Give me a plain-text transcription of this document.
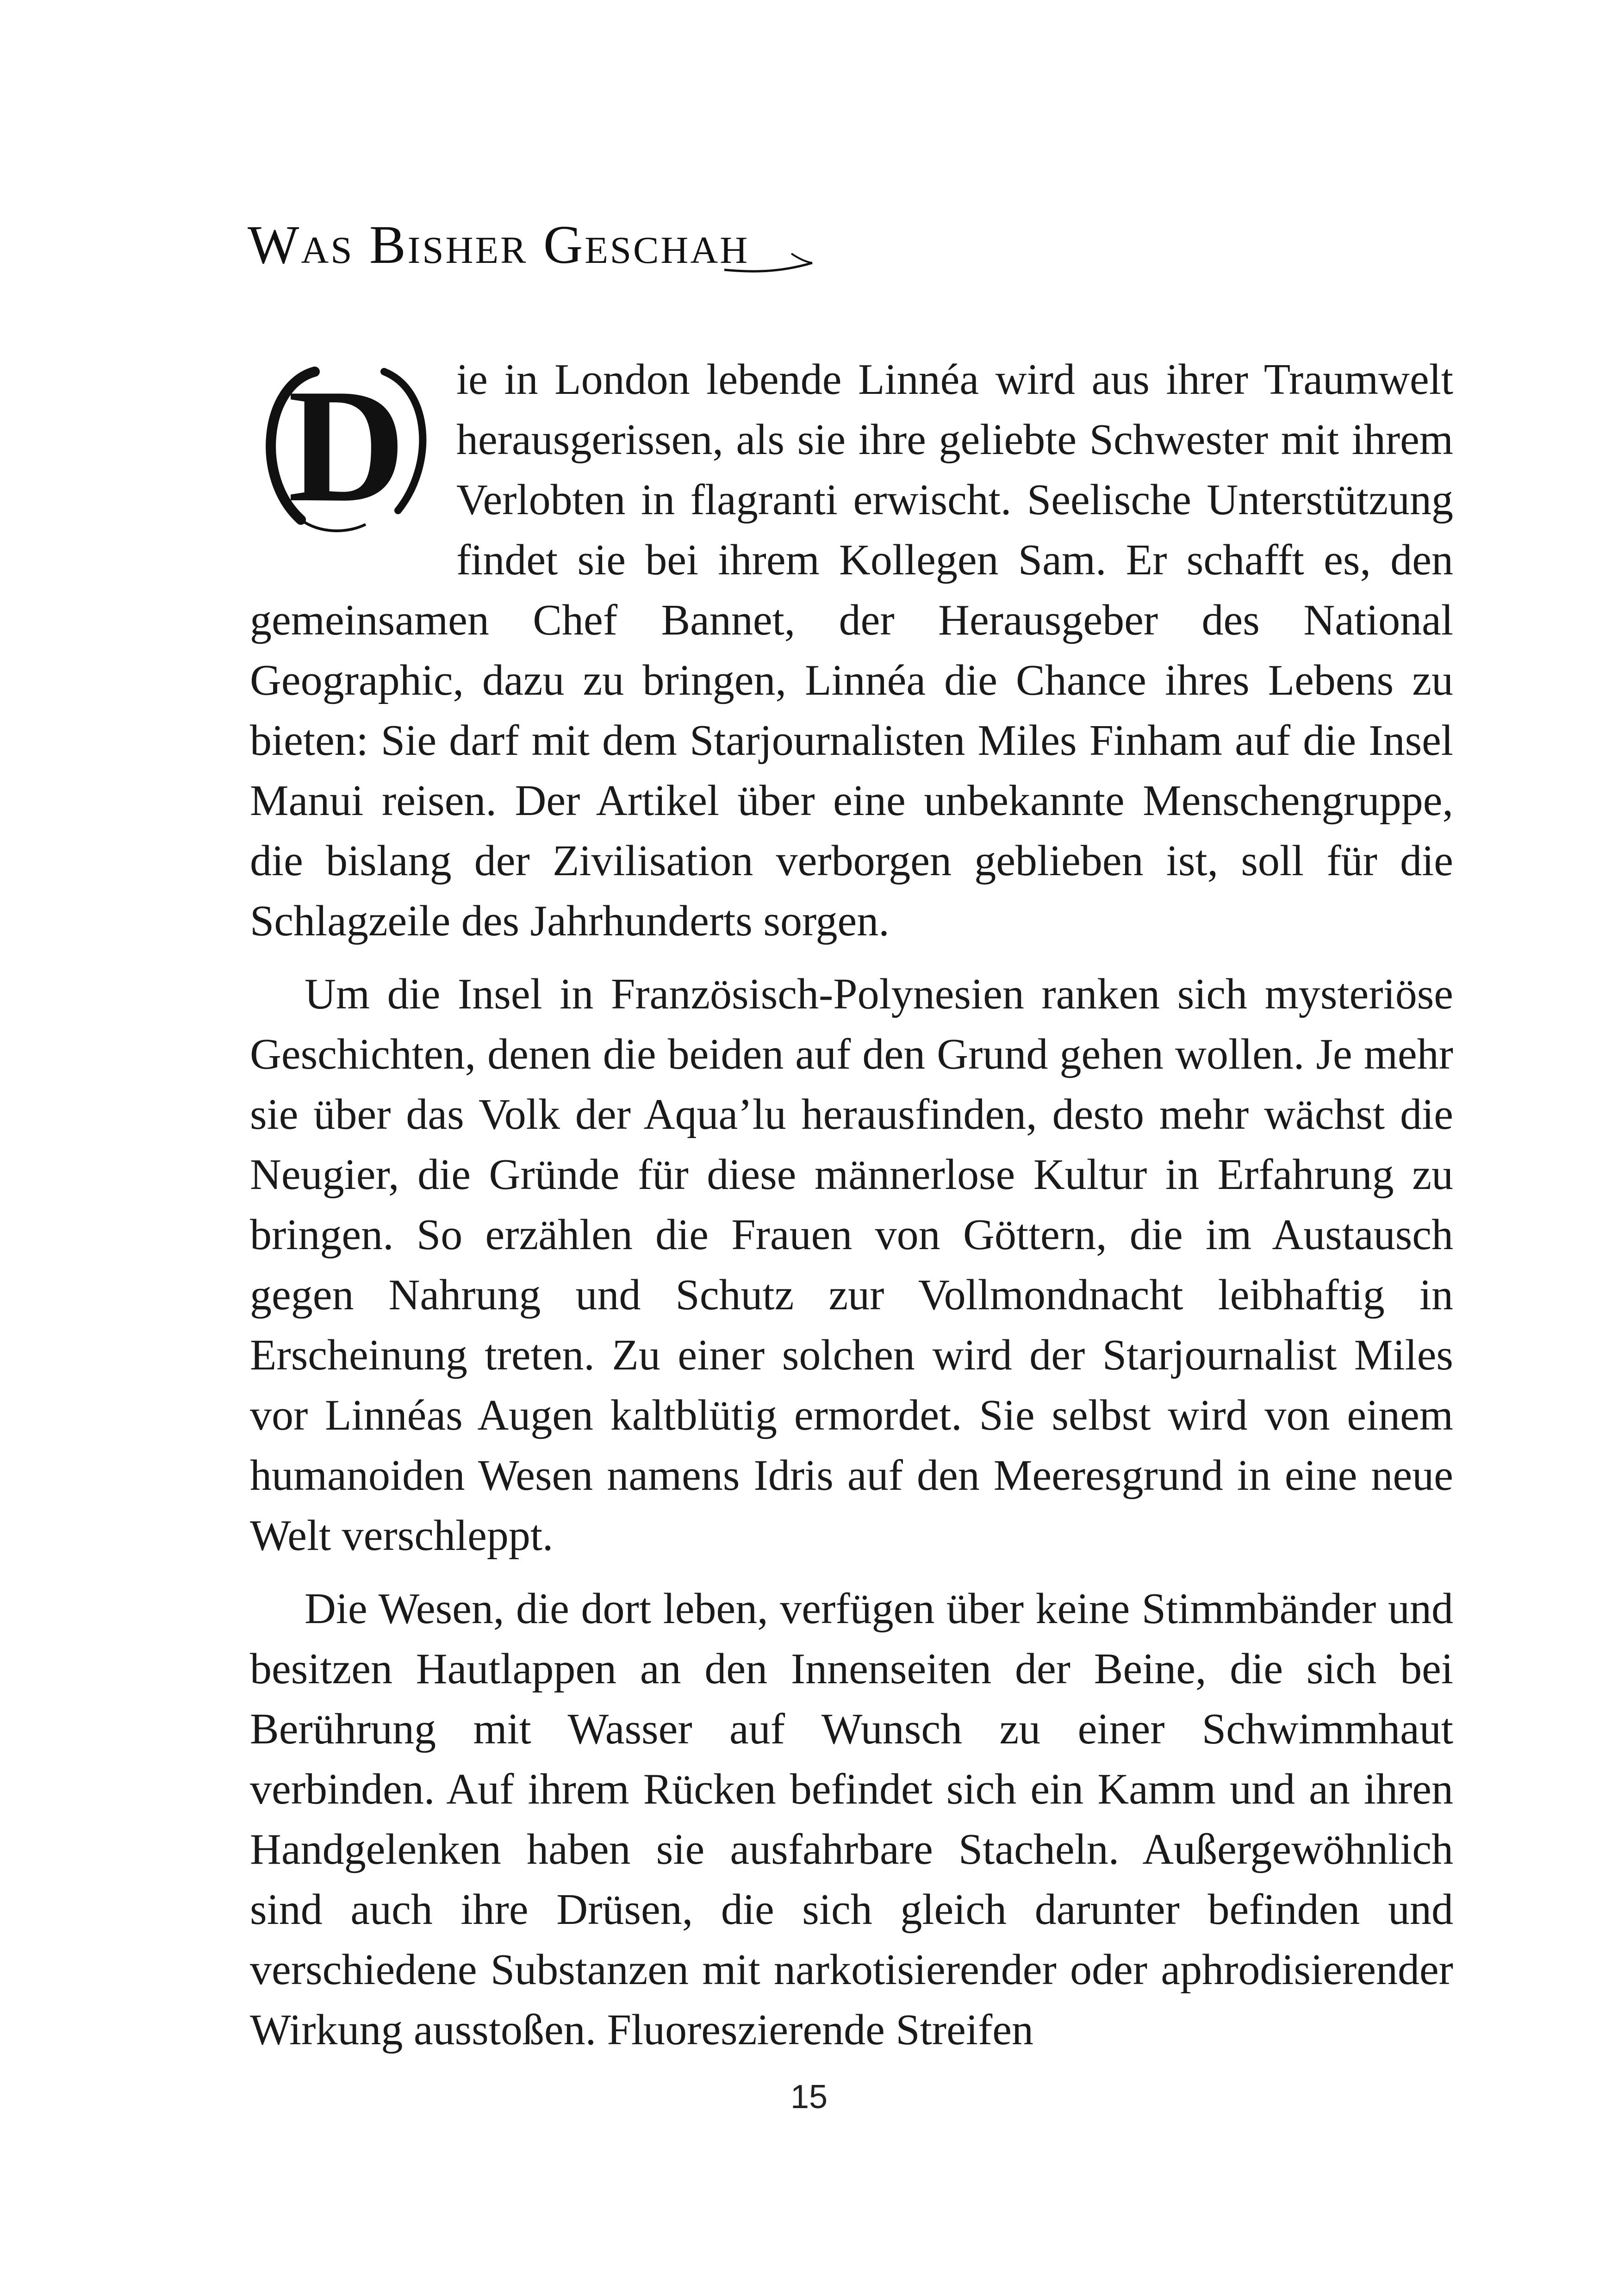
Was Bisher Geschah
D	ie in London lebende Linnéa wird aus ihrer Traumwelt herausgerissen, als sie ihre geliebte Schwester mit ihrem Verlobten in flagranti erwischt. Seelische Unterstützung findet sie bei ihrem Kollegen Sam. Er schafft es, den gemeinsamen Chef Bannet, der Herausgeber des National Geographic, dazu zu bringen, Linnéa die Chance ihres Lebens zu bieten: Sie darf mit dem Starjournalisten Miles Finham auf die Insel Manui reisen. Der Artikel über eine unbekannte Menschengruppe, die bislang der Zivilisation verborgen geblieben ist, soll für die Schlagzeile des Jahrhunderts sorgen.

Um die Insel in Französisch-Polynesien ranken sich mysteriöse Geschichten, denen die beiden auf den Grund gehen wollen. Je mehr sie über das Volk der Aqua’lu herausfinden, desto mehr wächst die Neugier, die Gründe für diese männerlose Kultur in Erfahrung zu bringen. So erzählen die Frauen von Göttern, die im Austausch gegen Nahrung und Schutz zur Vollmondnacht leibhaftig in Erscheinung treten. Zu einer solchen wird der Starjournalist Miles vor Linnéas Augen kaltblütig ermordet. Sie selbst wird von einem humanoiden Wesen namens Idris auf den Meeresgrund in eine neue Welt verschleppt.

Die Wesen, die dort leben, verfügen über keine Stimmbänder und besitzen Hautlappen an den Innenseiten der Beine, die sich bei Berührung mit Wasser auf Wunsch zu einer Schwimmhaut verbinden. Auf ihrem Rücken befindet sich ein Kamm und an ihren Handgelenken haben sie ausfahrbare Stacheln. Außergewöhnlich sind auch ihre Drüsen, die sich gleich darunter befinden und verschiedene Substanzen mit narkotisierender oder aphrodisierender Wirkung ausstoßen. Fluoreszierende Streifen

15
